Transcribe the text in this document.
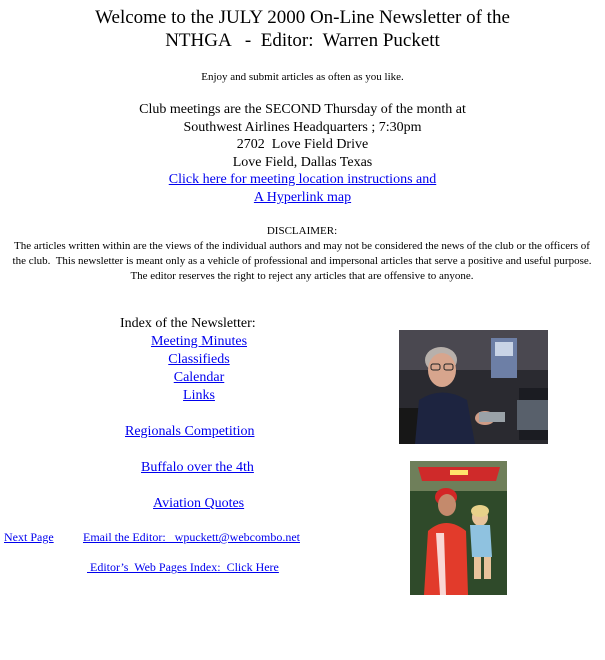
Welcome to the JULY 2000 On-Line Newsletter of the
NTHGA   -  Editor:  Warren Puckett
Enjoy and submit articles as often as you like.
Club meetings are the SECOND Thursday of the month at
Southwest Airlines Headquarters ; 7:30pm
2702  Love Field Drive
Love Field, Dallas Texas
Click here for meeting location instructions and
A Hyperlink map
DISCLAIMER:
The articles written within are the views of the individual authors and may not be considered the news of the club or the officers of the club.  This newsletter is meant only as a vehicle of professional and impersonal articles that serve a positive and useful purpose.  The editor reserves the right to reject any articles that are offensive to anyone.
Index of the Newsletter:
Meeting Minutes
Classifieds
Calendar
Links
Regionals Competition
Buffalo over the 4th
Aviation Quotes
Next Page Email the Editor:   wpuckett@webcombo.net
Editor’s  Web Pages Index:  Click Here
